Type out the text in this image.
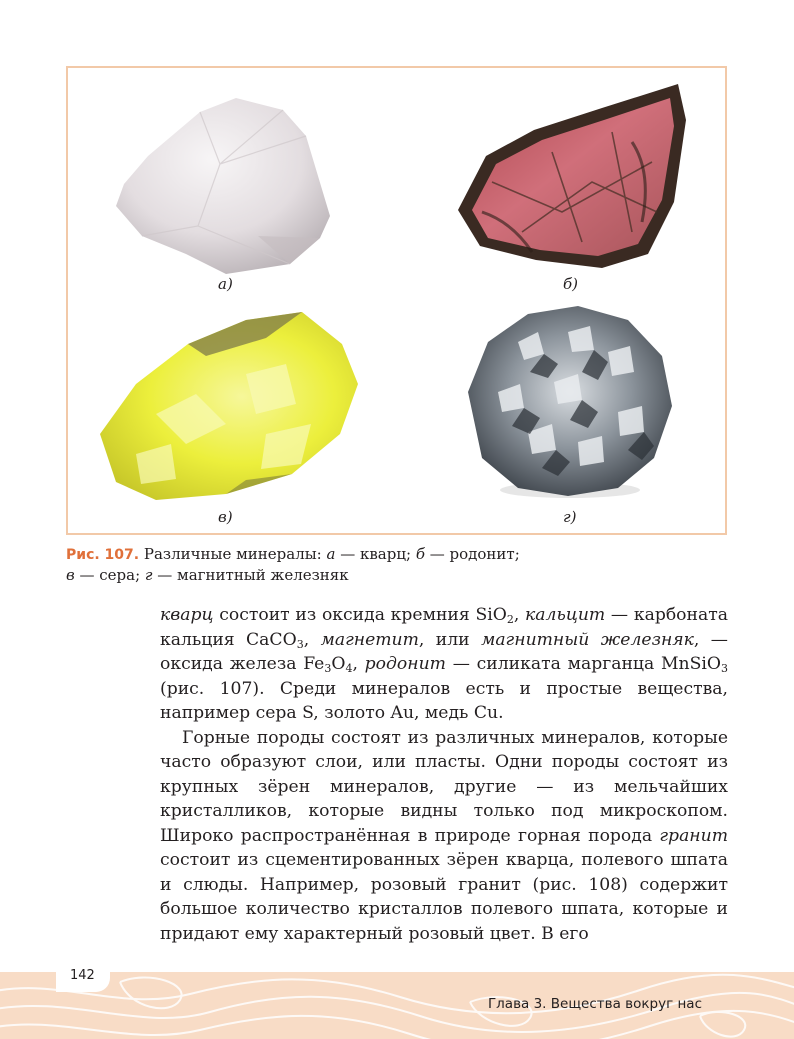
а)	б)
в)	г)
Рис. 107. Различные минералы: а — кварц; б — родонит;
в — сера; г — магнитный железняк

кварц состоит из оксида кремния SiO$_2$, кальцит — карбоната кальция CaCO$_3$, магнетит, или магнитный железняк, — оксида железа $Fe_3O_4$, родонит — силиката марганца MnSiO$_3$ (рис. 107). Среди минералов есть и простые вещества, например сера S, золото Au, медь Cu.

Горные породы состоят из различных минералов, которые часто образуют слои, или пласты. Одни породы состоят из крупных зёрен минералов, другие — из мельчайших кристалликов, которые видны только под микроскопом. Широко распространённая в природе горная порода гранит состоит из сцементированных зёрен кварца, полевого шпата и слюды. Например, розовый гранит (рис. 108) содержит большое количество кристаллов полевого шпата, которые и придают ему характерный розовый цвет. В его

142
Глава 3. Вещества вокруг нас
